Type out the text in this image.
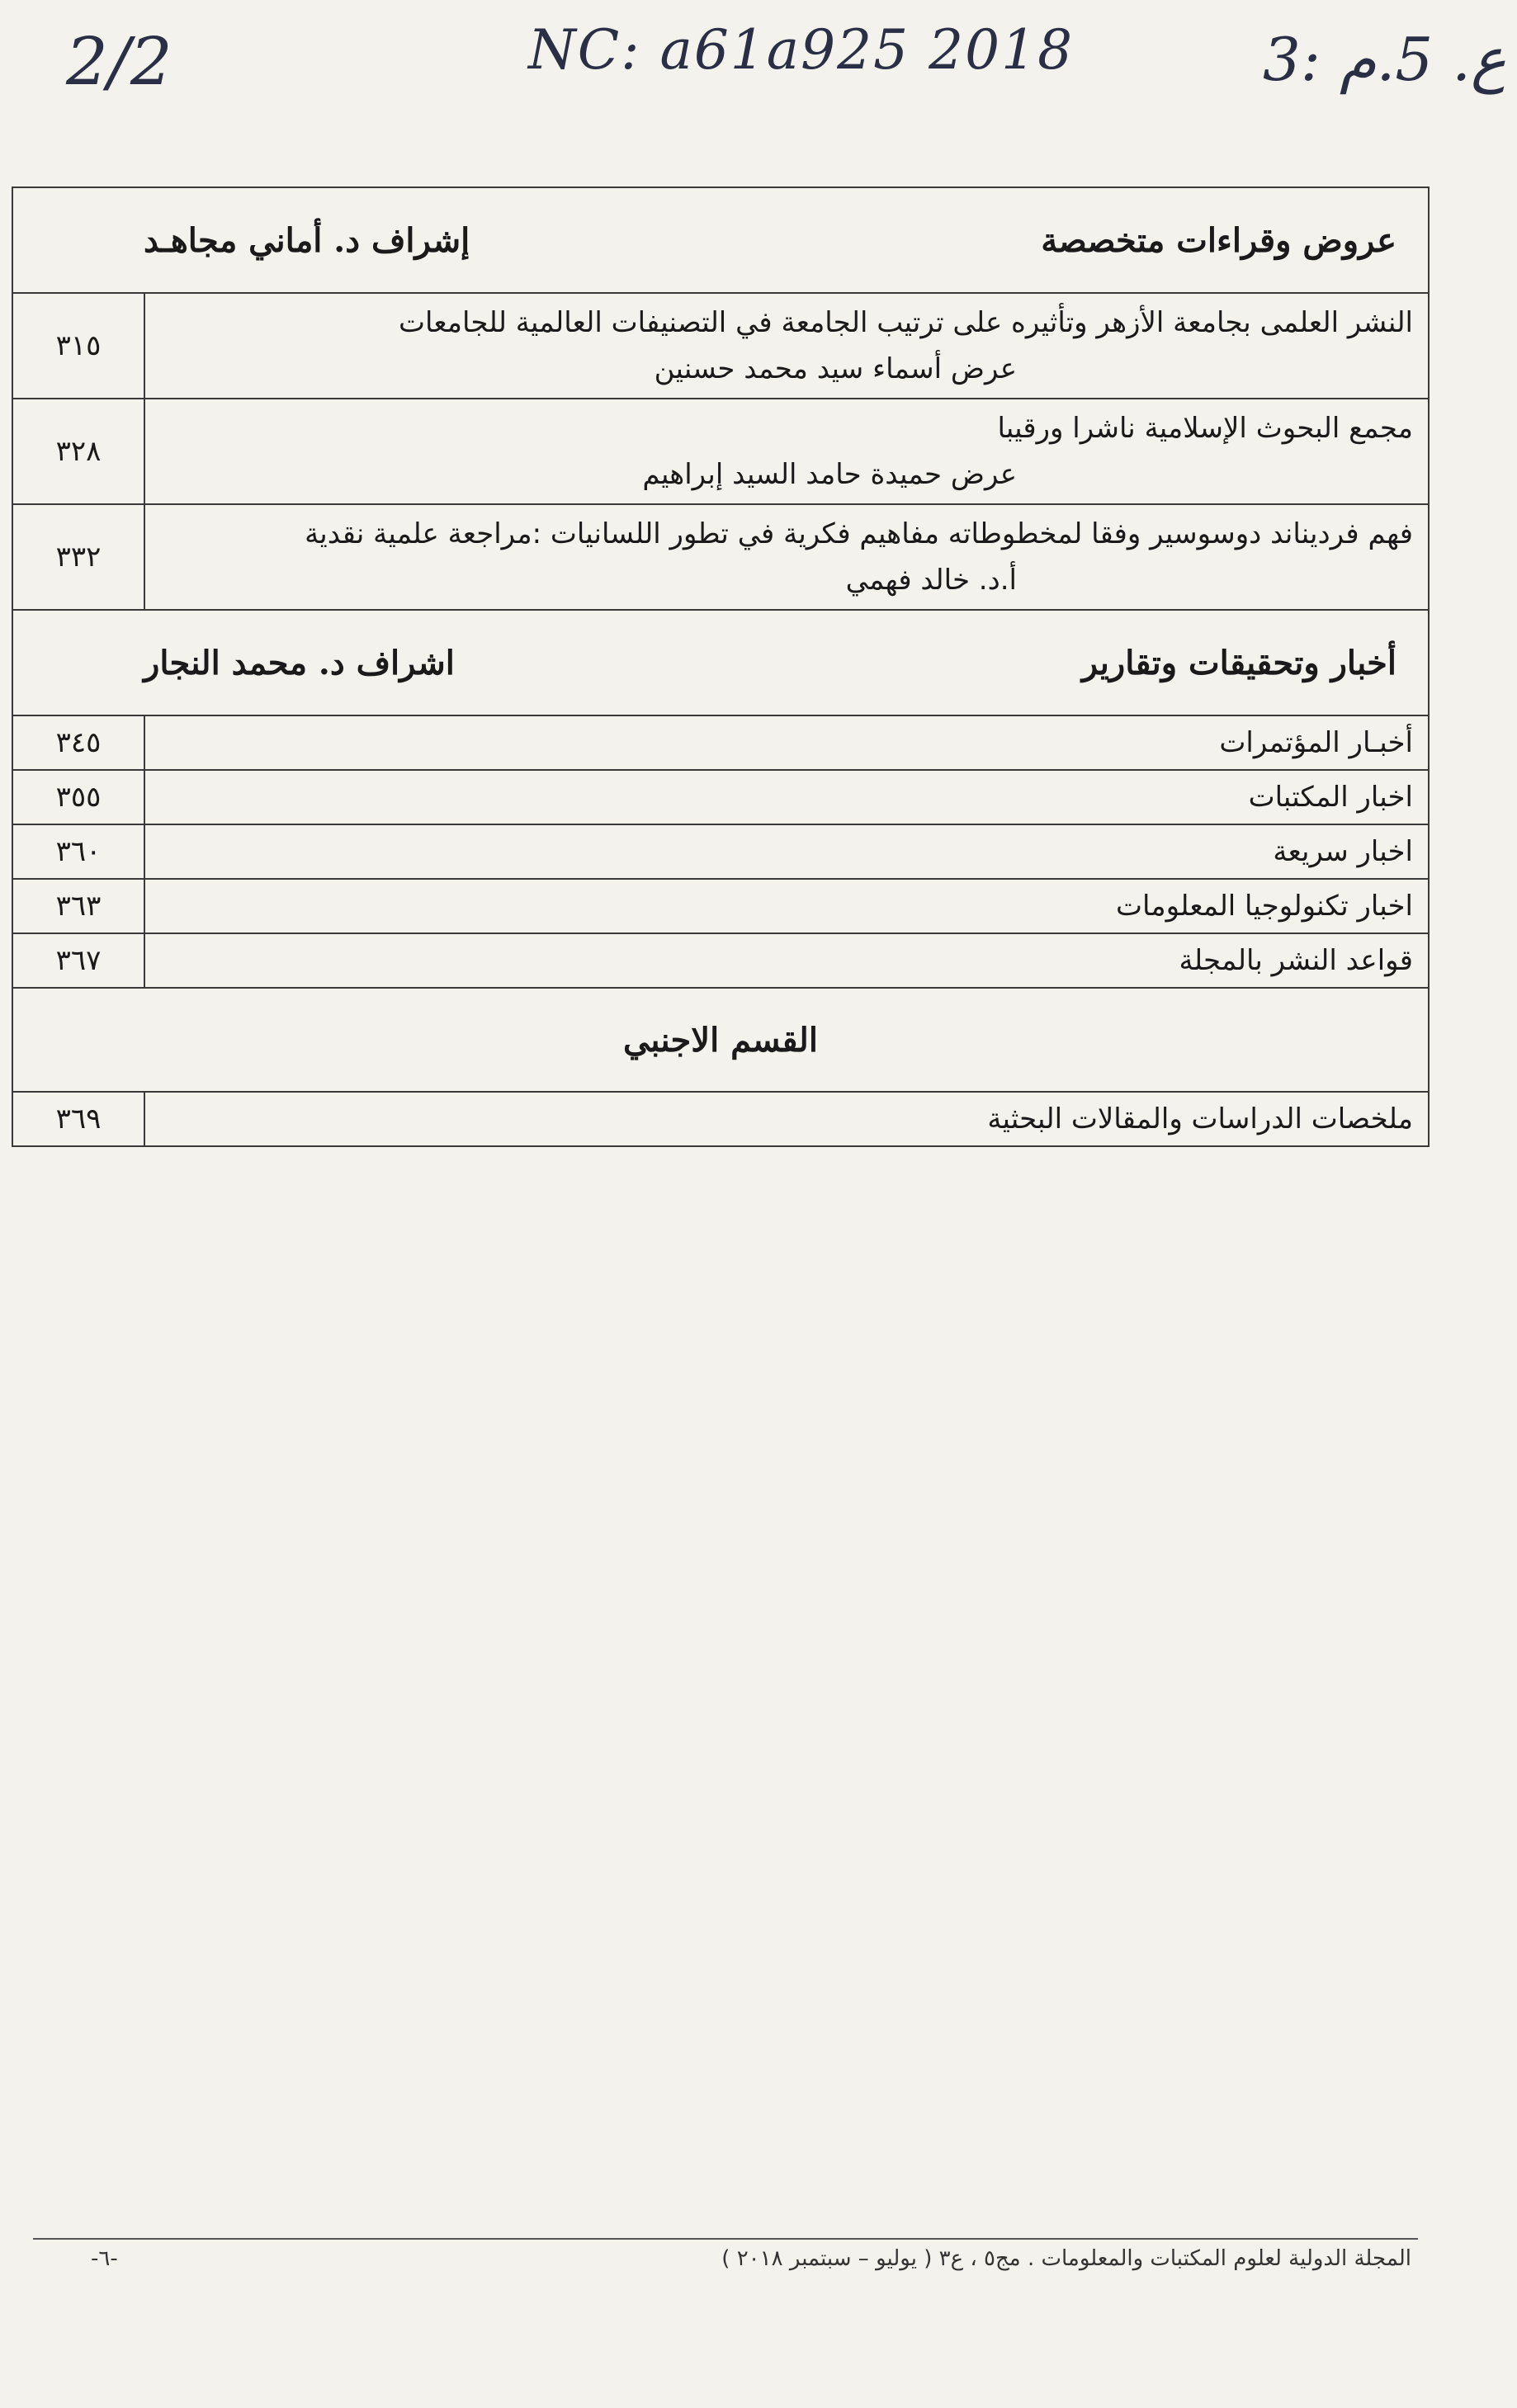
2/2	NC: a61a925 2018	3: ع. 5.م
عروض وقراءات متخصصة
إشراف د. أماني مجاهـد	

النشر العلمى بجامعة الأزهر وتأثيره على ترتيب الجامعة في التصنيفات العالمية للجامعات
عرض أسماء سيد محمد حسنين	٣١٥
مجمع البحوث الإسلامية ناشرا ورقيبا
عرض حميدة حامد السيد إبراهيم	٣٢٨
فهم فرديناند دوسوسير وفقا لمخطوطاته مفاهيم فكرية في تطور اللسانيات :مراجعة علمية نقدية
أ.د. خالد فهمي	٣٣٢

أخبار وتحقيقات وتقارير
اشراف د. محمد النجار	

أخبـار المؤتمرات	٣٤٥
اخبار المكتبات	٣٥٥
اخبار سريعة	٣٦٠
اخبار تكنولوجيا المعلومات	٣٦٣
قواعد النشر بالمجلة	٣٦٧
القسم الاجنبي	
ملخصات الدراسات والمقالات البحثية	٣٦٩
المجلة الدولية لعلوم المكتبات والمعلومات . مج٥ ، ع٣ ( يوليو – سبتمبر ٢٠١٨ )
-٦-
